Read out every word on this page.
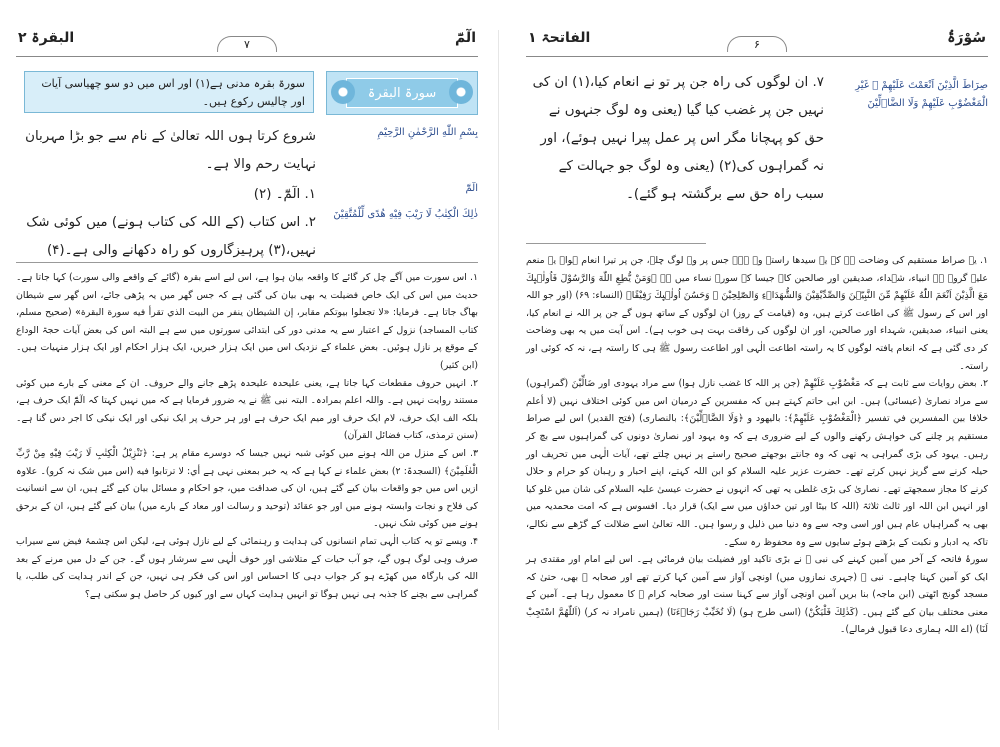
البقرۃ ۲	۷	الٓمّٓ
سورۃ البقرۃ
سورۃ بقرہ مدنی ہے(۱) اور اس میں دو سو چھیاسی آیات اور چالیس رکوع ہیں۔
بِسْمِ اللّٰهِ الرَّحْمٰنِ الرَّحِيْمِ
شروع کرتا ہوں اللہ تعالیٰ کے نام سے جو بڑا مہربان نہایت رحم والا ہے۔
الٓمّٓ
ذٰلِكَ الْكِتٰبُ لَا رَيْبَ فِيْهِ هُدًى لِّلْمُتَّقِيْنَ

۱. الٓمّٓ۔ (۲)

۲. اس کتاب (کے اللہ کی کتاب ہونے) میں کوئی شک نہیں،(۳) پرہیزگاروں کو راہ دکھانے والی ہے۔(۴)

۱. اس سورت میں آگے چل کر گائے کا واقعہ بیان ہوا ہے، اس لیے اسے بقرہ (گائے کے واقعے والی سورت) کہا جاتا ہے۔ حدیث میں اس کی ایک خاص فضیلت یہ بھی بیان کی گئی ہے کہ جس گھر میں یہ پڑھی جائے، اس گھر سے شیطان بھاگ جاتا ہے۔ فرمایا: «لا تجعلوا بيوتكم مقابر، إن الشيطان ينفر من البيت الذي تقرأ فيه سورة البقرة» (صحیح مسلم، کتاب المساجد) نزول کے اعتبار سے یہ مدنی دور کی ابتدائی سورتوں میں سے ہے البتہ اس کی بعض آیات حجۃ الوداع کے موقع پر نازل ہوئیں۔ بعض علماء کے نزدیک اس میں ایک ہزار خبریں، ایک ہزار احکام اور ایک ہزار منہیات ہیں۔ (ابن کثیر)

۲. انہیں حروف مقطعات کہا جاتا ہے، یعنی علیحدہ علیحدہ پڑھے جانے والے حروف۔ ان کے معنی کے بارے میں کوئی مستند روایت نہیں ہے۔ واللہ اعلم بمرادہ۔ البتہ نبی ﷺ نے یہ ضرور فرمایا ہے کہ میں نہیں کہتا کہ الٓمّٓ ایک حرف ہے، بلکہ الف ایک حرف، لام ایک حرف اور میم ایک حرف ہے اور ہر حرف پر ایک نیکی اور ایک نیکی کا اجر دس گنا ہے۔ (سنن ترمذی، کتاب فضائل القرآن)

۳. اس کے منزل من اللہ ہونے میں کوئی شبہ نہیں جیسا کہ دوسرے مقام پر ہے: ﴿تَنْزِيْلُ الْكِتٰبِ لَا رَيْبَ فِيْهِ مِنْ رَّبِّ الْعٰلَمِيْنَ﴾ (السجدۃ: ۲) بعض علماء نے کہا ہے کہ یہ خبر بمعنی نہی ہے أي: لا ترتابوا فيه (اس میں شک نہ کرو)۔ علاوہ ازیں اس میں جو واقعات بیان کیے گئے ہیں، ان کی صداقت میں، جو احکام و مسائل بیان کیے گئے ہیں، ان سے انسانیت کی فلاح و نجات وابستہ ہونے میں اور جو عقائد (توحید و رسالت اور معاد کے بارے میں) بیان کیے گئے ہیں، ان کے برحق ہونے میں کوئی شک نہیں۔

۴. ویسے تو یہ کتاب الٰہی تمام انسانوں کی ہدایت و رہنمائی کے لیے نازل ہوئی ہے، لیکن اس چشمۂ فیض سے سیراب صرف وہی لوگ ہوں گے، جو آب حیات کے متلاشی اور خوف الٰہی سے سرشار ہوں گے۔ جن کے دل میں مرنے کے بعد اللہ کی بارگاہ میں کھڑے ہو کر جواب دہی کا احساس اور اس کی فکر ہی نہیں، جن کے اندر ہدایت کی طلب، یا گمراہی سے بچنے کا جذبہ ہی نہیں ہوگا تو انہیں ہدایت کہاں سے اور کیوں کر حاصل ہو سکتی ہے؟

الفاتحۃ ۱	۶	سُوْرَۃُ
صِرَاطَ الَّذِيْنَ اَنْعَمْتَ عَلَيْهِمْ ۙ غَيْرِ الْمَغْضُوْبِ عَلَيْهِمْ وَلَا الضَّاۗلِّيْنَ
۷. ان لوگوں کی راہ جن پر تو نے انعام کیا،(۱) ان کی نہیں جن پر غضب کیا گیا (یعنی وہ لوگ جنہوں نے حق کو پہچانا مگر اس پر عمل پیرا نہیں ہوئے)، اور نہ گمراہوں کی(۲) (یعنی وہ لوگ جو جہالت کے سبب راہ حق سے برگشتہ ہو گئے)۔

۱. یہ صراط مستقیم کی وضاحت ہے کہ یہ سیدھا راستہ وہ ہے۔ جس پر وہ لوگ چلے، جن پر تیرا انعام ہوا۔ یہ منعم علیہ گروہ ہے انبیاء، شہداء، صدیقین اور صالحین کا۔ جیسا کہ سورۂ نساء میں ہے ﴿وَمَنْ يُّطِعِ اللّٰهَ وَالرَّسُوْلَ فَاُولٰۗىِٕكَ مَعَ الَّذِيْنَ اَنْعَمَ اللّٰهُ عَلَيْهِمْ مِّنَ النَّبِيّٖنَ وَالصِّدِّيْقِيْنَ وَالشُّهَدَاۗءِ وَالصّٰلِحِيْنَ ۚ وَحَسُنَ اُولٰۗىِٕكَ رَفِيْقًا﴾ (النساء: ۶۹) (اور جو اللہ اور اس کے رسول ﷺ کی اطاعت کرتے ہیں، وہ (قیامت کے روز) ان لوگوں کے ساتھ ہوں گے جن پر اللہ نے انعام کیا، یعنی انبیاء، صدیقین، شہداء اور صالحین، اور ان لوگوں کی رفاقت بہت ہی خوب ہے)۔ اس آیت میں یہ بھی وضاحت کر دی گئی ہے کہ انعام یافتہ لوگوں کا یہ راستہ اطاعت الٰہی اور اطاعت رسول ﷺ ہی کا راستہ ہے، نہ کہ کوئی اور راستہ۔

۲. بعض روایات سے ثابت ہے کہ مَغْضُوْبِ عَلَيْهِمْ (جن پر اللہ کا غضب نازل ہوا) سے مراد یہودی اور ضَالِّيْنَ (گمراہوں) سے مراد نصاریٰ (عیسائی) ہیں۔ ابن ابی حاتم کہتے ہیں کہ مفسرین کے درمیان اس میں کوئی اختلاف نہیں (لا أعلم خلافا بين المفسرين في تفسير ﴿الْمَغْضُوْبِ عَلَيْهِمْ﴾: باليهود و ﴿وَلَا الضَّاۗلِّيْنَ﴾: بالنصارى) (فتح القدیر) اس لیے صراط مستقیم پر چلنے کی خواہش رکھنے والوں کے لیے ضروری ہے کہ وہ یہود اور نصاریٰ دونوں کی گمراہیوں سے بچ کر رہیں۔ یہود کی بڑی گمراہی یہ تھی کہ وہ جانتے بوجھتے صحیح راستے پر نہیں چلتے تھے، آیات الٰہی میں تحریف اور حیلہ کرنے سے گریز نہیں کرتے تھے۔ حضرت عزیر علیہ السلام کو ابن اللہ کہتے، اپنے احبار و رہبان کو حرام و حلال کرنے کا مجاز سمجھتے تھے۔ نصاریٰ کی بڑی غلطی یہ تھی کہ انہوں نے حضرت عیسیٰ علیہ السلام کی شان میں غلو کیا اور انہیں ابن اللہ اور ثالث ثلاثۃ (اللہ کا بیٹا اور تین خداؤں میں سے ایک) قرار دیا۔ افسوس ہے کہ امت محمدیہ میں بھی یہ گمراہیاں عام ہیں اور اسی وجہ سے وہ دنیا میں ذلیل و رسوا ہیں۔ اللہ تعالیٰ اسے ضلالت کے گڑھے سے نکالے، تاکہ یہ ادبار و نکبت کے بڑھتے ہوئے سایوں سے وہ محفوظ رہ سکے۔

سورۂ فاتحہ کے آخر میں آمین کہنے کی نبی ﷺ نے بڑی تاکید اور فضیلت بیان فرمائی ہے۔ اس لیے امام اور مقتدی ہر ایک کو آمین کہنا چاہیے۔ نبی ﷺ (جہری نمازوں میں) اونچی آواز سے آمین کہا کرتے تھے اور صحابہ ﷺ بھی، حتیٰ کہ مسجد گونج اٹھتی (ابن ماجہ) بنا بریں آمین اونچی آواز سے کہنا سنت اور صحابہ کرام ﷺ کا معمول رہا ہے۔ آمین کے معنی مختلف بیان کیے گئے ہیں۔ (كَذٰلِكَ فَلْيَكُنْ) (اسی طرح ہو) (لَا تُخَيِّبْ رَجَاۗءَنَا) (ہمیں نامراد نہ کر) (اَللّٰهُمَّ اسْتَجِبْ لَنَا) (اے اللہ ہماری دعا قبول فرمالے)۔
